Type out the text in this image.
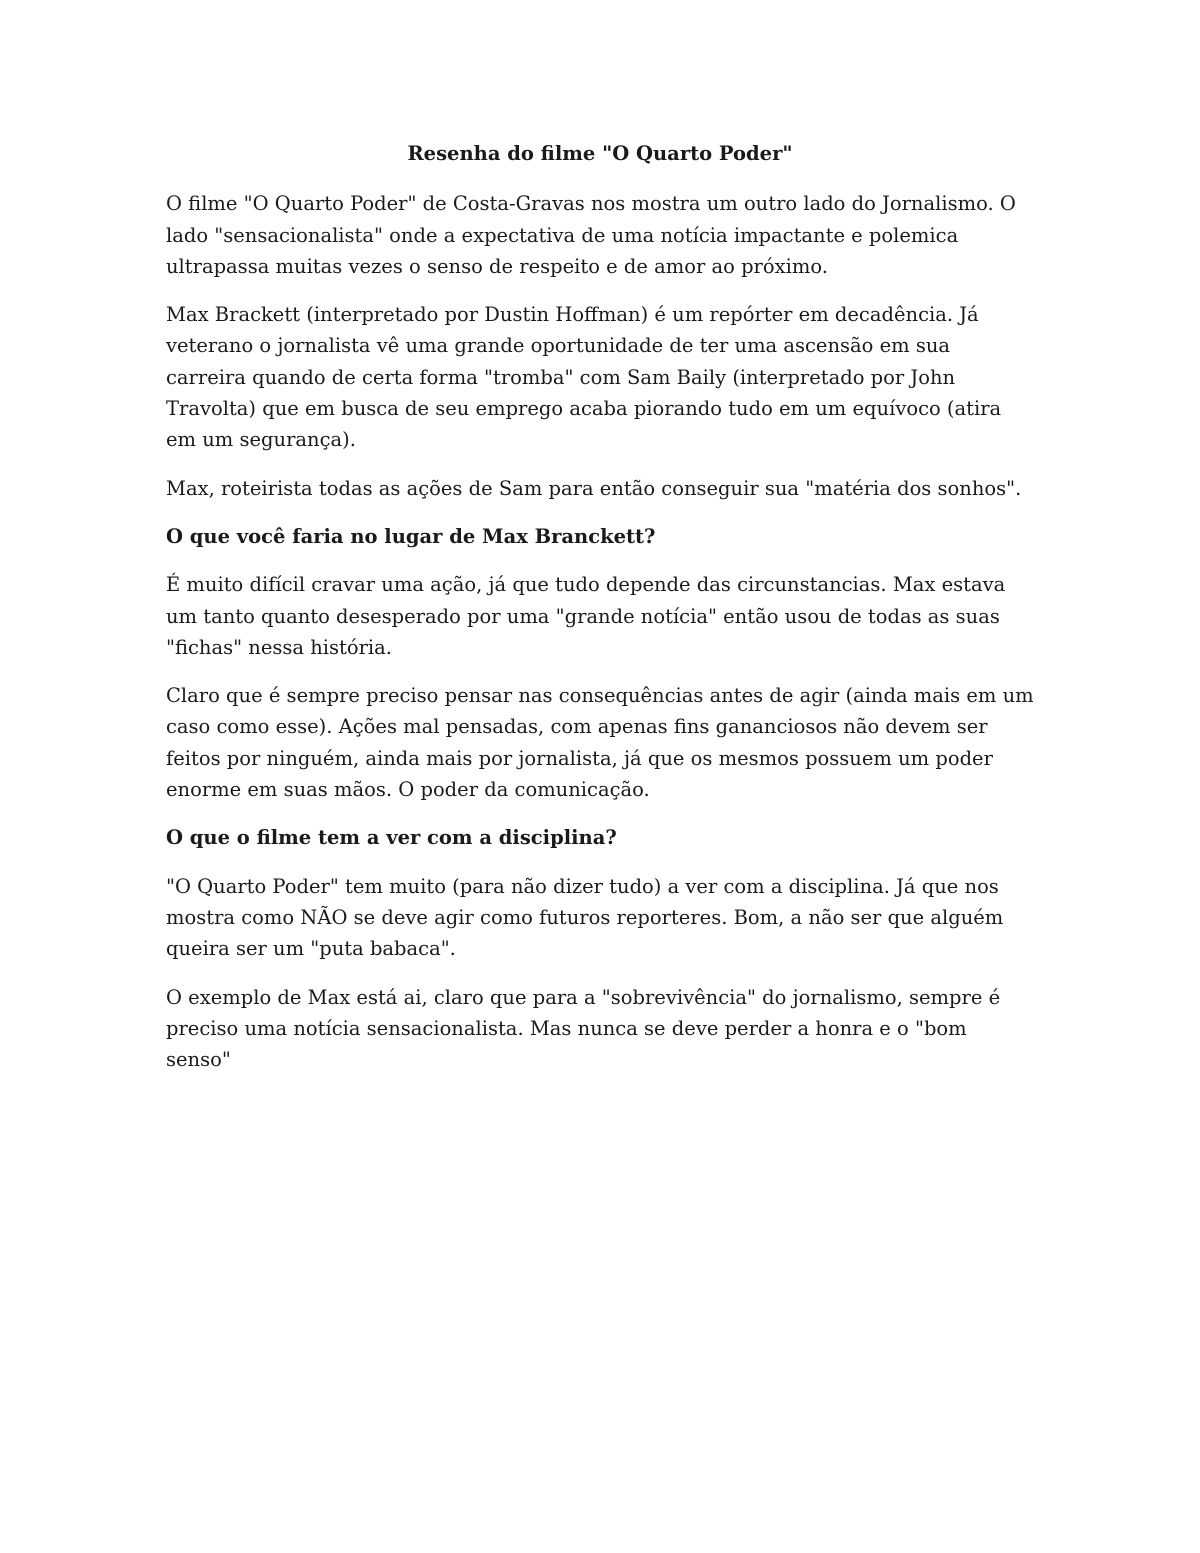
Resenha do filme "O Quarto Poder"

O filme "O Quarto Poder" de Costa-Gravas nos mostra um outro lado do Jornalismo. O lado "sensacionalista" onde a expectativa de uma notícia impactante e polemica ultrapassa muitas vezes o senso de respeito e de amor ao próximo.

Max Brackett (interpretado por Dustin Hoffman) é um repórter em decadência. Já veterano o jornalista vê uma grande oportunidade de ter uma ascensão em sua carreira quando de certa forma "tromba" com Sam Baily (interpretado por John Travolta) que em busca de seu emprego acaba piorando tudo em um equívoco (atira em um segurança).

Max, roteirista todas as ações de Sam para então conseguir sua "matéria dos sonhos".

O que você faria no lugar de Max Branckett?

É muito difícil cravar uma ação, já que tudo depende das circunstancias. Max estava um tanto quanto desesperado por uma "grande notícia" então usou de todas as suas "fichas" nessa história.

Claro que é sempre preciso pensar nas consequências antes de agir (ainda mais em um caso como esse). Ações mal pensadas, com apenas fins gananciosos não devem ser feitos por ninguém, ainda mais por jornalista, já que os mesmos possuem um poder enorme em suas mãos. O poder da comunicação.

O que o filme tem a ver com a disciplina?

"O Quarto Poder" tem muito (para não dizer tudo) a ver com a disciplina. Já que nos mostra como NÃO se deve agir como futuros reporteres. Bom, a não ser que alguém queira ser um "puta babaca".

O exemplo de Max está ai, claro que para a "sobrevivência" do jornalismo, sempre é preciso uma notícia sensacionalista. Mas nunca se deve perder a honra e o "bom senso"
